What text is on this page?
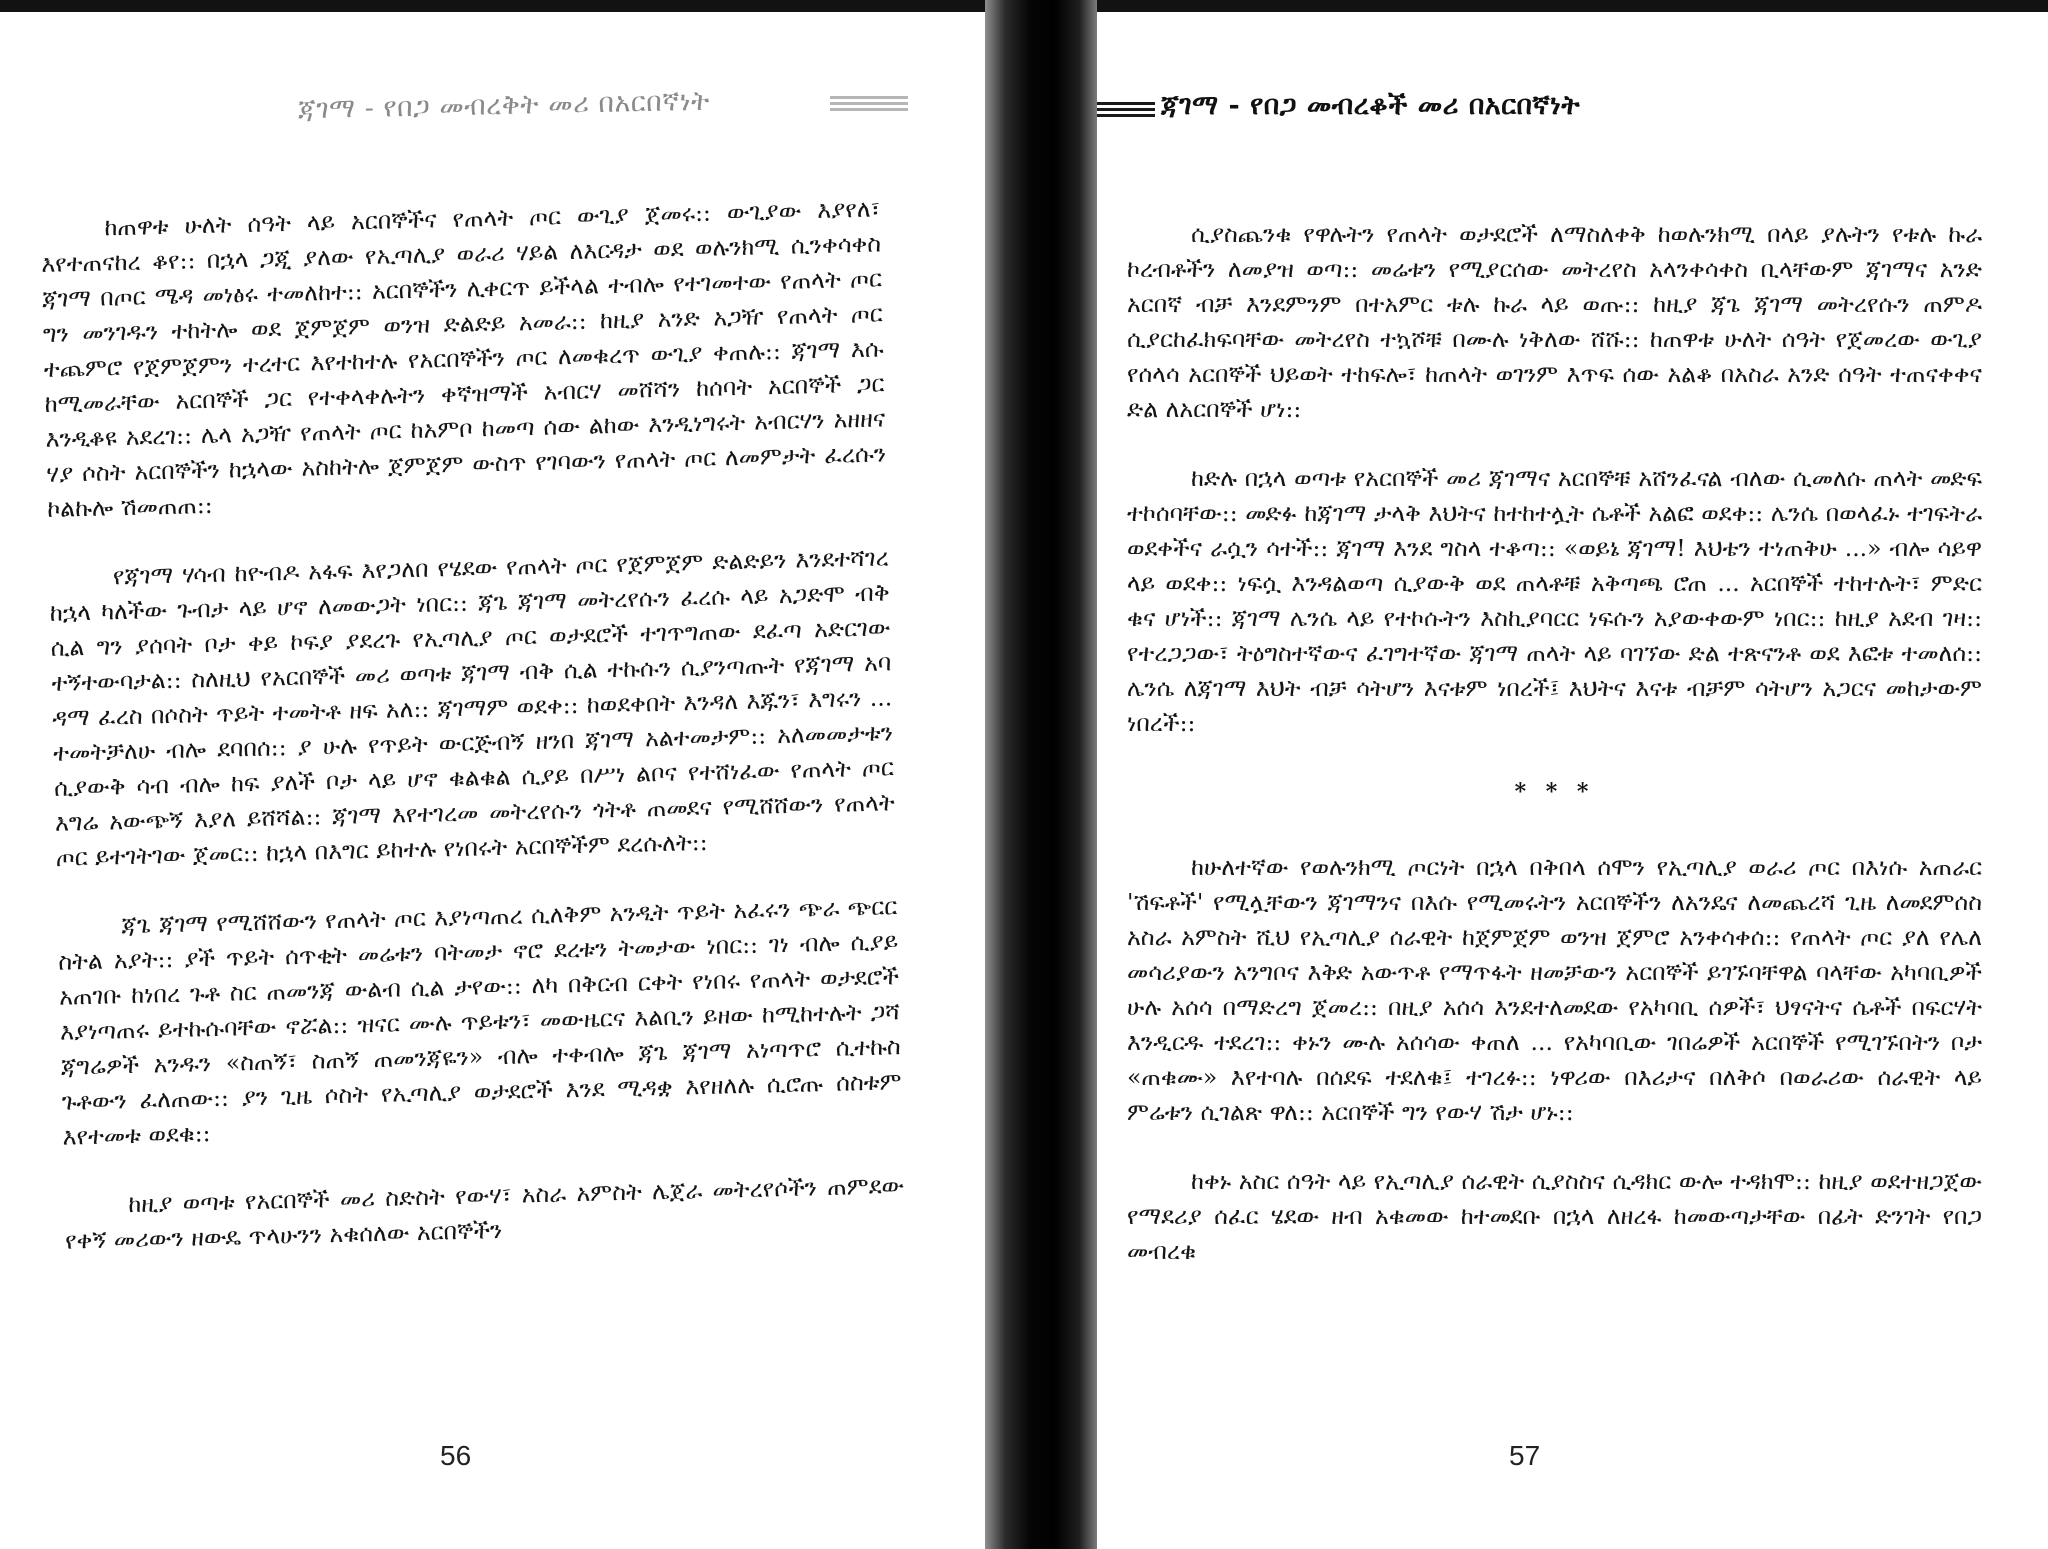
ጃገማ - የበጋ መብረቅት መሪ በአርበኛነት

ከጠዋቱ ሁለት ሰዓት ላይ አርበኞችና የጠላት ጦር ውጊያ ጀመሩ:: ውጊያው እያየለ፣ እየተጠናከረ ቆየ:: በኋላ ጋጂ ያለው የኢጣሊያ ወራሪ ሃይል ለእርዳታ ወደ ወሉንክሚ ሲንቀሳቀስ ጃገማ በጦር ሜዳ መነፅሩ ተመለከተ:: አርበኞችን ሊቀርጥ ይችላል ተብሎ የተገመተው የጠላት ጦር ግን መንገዱን ተከትሎ ወደ ጀምጀም ወንዝ ድልድይ አመራ:: ከዚያ አንድ አጋዥ የጠላት ጦር ተጨምሮ የጀምጀምን ተረተር እየተከተሉ የአርበኞችን ጦር ለመቁረጥ ውጊያ ቀጠሉ:: ጃገማ እሱ ከሚመራቸው አርበኞች ጋር የተቀላቀሉትን ቀኛዝማች አብርሃ መሸሻን ከሰባት አርበኞች ጋር እንዲቆዩ አደረገ:: ሌላ አጋዥ የጠላት ጦር ከአምቦ ከመጣ ሰው ልከው እንዲነግሩት አብርሃን አዘዘና ሃያ ሶስት አርበኞችን ከኋላው አስከትሎ ጀምጀም ውስጥ የገባውን የጠላት ጦር ለመምታት ፈረሱን ኮልኩሎ ሽመጠጠ::

የጃገማ ሃሳብ ከዮብዶ አፋፍ እየጋለበ የሄደው የጠላት ጦር የጀምጀም ድልድይን እንደተሻገረ ከኋላ ካለችው ጉብታ ላይ ሆኖ ለመውጋት ነበር:: ጃጌ ጃገማ መትረየሱን ፈረሱ ላይ አጋድሞ ብቅ ሲል ግን ያሰባት ቦታ ቀይ ኮፍያ ያደረጉ የኢጣሊያ ጦር ወታደሮች ተገጥግጠው ደፈጣ አድርገው ተኝተውባታል:: ስለዚህ የአርበኞች መሪ ወጣቱ ጃገማ ብቅ ሲል ተኩሱን ሲያንጣጡት የጃገማ አባ ዳማ ፈረስ በሶስት ጥይት ተመትቶ ዘፍ አለ:: ጃገማም ወደቀ:: ከወደቀበት እንዳለ እጁን፣ እግሩን ... ተመትቻለሁ ብሎ ደባበሰ:: ያ ሁሉ የጥይት ውርጅብኝ ዘንበ ጃገማ አልተመታም:: አለመመታቱን ሲያውቅ ሳብ ብሎ ከፍ ያለች ቦታ ላይ ሆኖ ቁልቁል ሲያይ በሥነ ልቦና የተሸነፈው የጠላት ጦር እግሬ አውጭኝ እያለ ይሸሻል:: ጃገማ እየተገረመ መትረየሱን ጎትቶ ጠመደና የሚሸሸውን የጠላት ጦር ይተገትገው ጀመር:: ከኋላ በእግር ይከተሉ የነበሩት አርበኞችም ደረሱለት::

ጃጌ ጃገማ የሚሸሸውን የጠላት ጦር እያነጣጠረ ሲለቅም አንዲት ጥይት አፈሩን ጭራ ጭርር ስትል አያት:: ያች ጥይት ሰጥቂት መሬቱን ባትመታ ኖሮ ደረቱን ትመታው ነበር:: ገነ ብሎ ሲያይ አጠገቡ ከነበረ ጉቶ ስር ጠመንጃ ውልብ ሲል ታየው:: ለካ በቅርብ ርቀት የነበሩ የጠላት ወታደሮች እያነጣጠሩ ይተኩሱባቸው ኖሯል:: ዝናር ሙሉ ጥይቱን፣ መውዜርና እልቢን ይዘው ከሚከተሉት ጋሻ ጃግሬዎች አንዱን «ስጠኝ፣ ስጠኝ ጠመንጃዬን» ብሎ ተቀብሎ ጃጌ ጃገማ አነጣጥሮ ሲተኩስ ጉቶውን ፈለጠው:: ያን ጊዜ ሶስት የኢጣሊያ ወታደሮች እንደ ሚዳቋ እየዘለሉ ሲሮጡ ሰስቱም እየተመቱ ወደቁ::

ከዚያ ወጣቱ የአርበኞች መሪ ስድስት የውሃ፣ አስራ አምስት ሌጀራ መትረየሶችን ጠምደው የቀኝ መሪውን ዘውዴ ጥላሁንን አቁሰለው አርበኞችን

56
ጃገማ - የበጋ መብረቆች መሪ በአርበኛነት

ሲያስጨንቁ የዋሉትን የጠላት ወታደሮች ለማስለቀቅ ከወሉንክሚ በላይ ያሉትን የቱሉ ኩራ ኮረብቶችን ለመያዝ ወጣ:: መሬቱን የሚያርሰው መትረየስ አላንቀሳቀስ ቢላቸውም ጃገማና አንድ አርበኛ ብቻ እንደምንም በተአምር ቱሉ ኩራ ላይ ወጡ:: ከዚያ ጃጌ ጃገማ መትረየሱን ጠምዶ ሲያርከፈክፍባቸው መትረየስ ተኳሾቹ በሙሉ ነቅለው ሸሹ:: ከጠዋቱ ሁለት ሰዓት የጀመረው ውጊያ የሰላሳ አርበኞች ህይወት ተከፍሎ፣ ከጠላት ወገንም እጥፍ ሰው አልቆ በአስራ አንድ ሰዓት ተጠናቀቀና ድል ለአርበኞች ሆነ::

ከድሉ በኋላ ወጣቱ የአርበኞች መሪ ጃገማና አርበኞቹ አሸንፈናል ብለው ሲመለሱ ጠላት መድፍ ተኮሰባቸው:: መድፉ ከጃገማ ታላቅ እህትና ከተከተሏት ሴቶች አልፎ ወደቀ:: ሌንሴ በወላፈኑ ተገፍትራ ወደቀችና ራሷን ሳተች:: ጃገማ እንደ ግስላ ተቆጣ:: «ወይኔ ጃገማ! እህቴን ተነጠቅሁ ...» ብሎ ሳይዋ ላይ ወደቀ:: ነፍሷ እንዳልወጣ ሲያውቅ ወደ ጠላቶቹ አቅጣጫ ሮጠ ... አርበኞች ተከተሉት፣ ምድር ቁና ሆነች:: ጃገማ ሌንሴ ላይ የተኮሱትን እስኪያባርር ነፍሱን አያውቀውም ነበር:: ከዚያ አደብ ገዛ:: የተረጋጋው፣ ትዕግስተኛውና ፈገግተኛው ጃገማ ጠላት ላይ ባገኘው ድል ተጽናንቶ ወደ እፎቱ ተመለሰ:: ሌንሴ ለጃገማ እህት ብቻ ሳትሆን እናቱም ነበረች፤ እህትና እናቱ ብቻም ሳትሆን አጋርና መከታውም ነበረች::

* * *

ከሁለተኛው የወሉንክሚ ጦርነት በኋላ በቅበላ ሰሞን የኢጣሊያ ወራሪ ጦር በእነሱ አጠራር 'ሽፍቶች' የሚሏቸውን ጃገማንና በእሱ የሚመሩትን አርበኞችን ለአንዴና ለመጨረሻ ጊዜ ለመደምሰስ አስራ አምስት ሺህ የኢጣሊያ ሰራዊት ከጀምጀም ወንዝ ጀምሮ አንቀሳቀሰ:: የጠላት ጦር ያለ የሌለ መሳሪያውን አንግቦና እቅድ አውጥቶ የማጥፋት ዘመቻውን አርበኞች ይገኙባቸዋል ባላቸው አካባቢዎች ሁሉ አሰሳ በማድረግ ጀመረ:: በዚያ አሰሳ እንደተለመደው የአካባቢ ሰዎች፣ ህፃናትና ሴቶች በፍርሃት እንዲርዱ ተደረገ:: ቀኑን ሙሉ አሰሳው ቀጠለ ... የአካባቢው ገበሬዎች አርበኞች የሚገኙበትን ቦታ «ጠቁሙ» እየተባሉ በሰደፍ ተደለቁ፤ ተገረፉ:: ነዋሪው በእሪታና በለቅሶ በወራሪው ሰራዊት ላይ ምሬቱን ሲገልጽ ዋለ:: አርበኞች ግን የውሃ ሽታ ሆኑ::

ከቀኑ አስር ሰዓት ላይ የኢጣሊያ ሰራዊት ሲያስስና ሲዳክር ውሎ ተዳክሞ:: ከዚያ ወደተዘጋጀው የማደሪያ ሰፈር ሄደው ዘብ አቁመው ከተመደቡ በኋላ ለዘረፋ ከመውጣታቸው በፊት ድንገት የበጋ መብረቁ

57
